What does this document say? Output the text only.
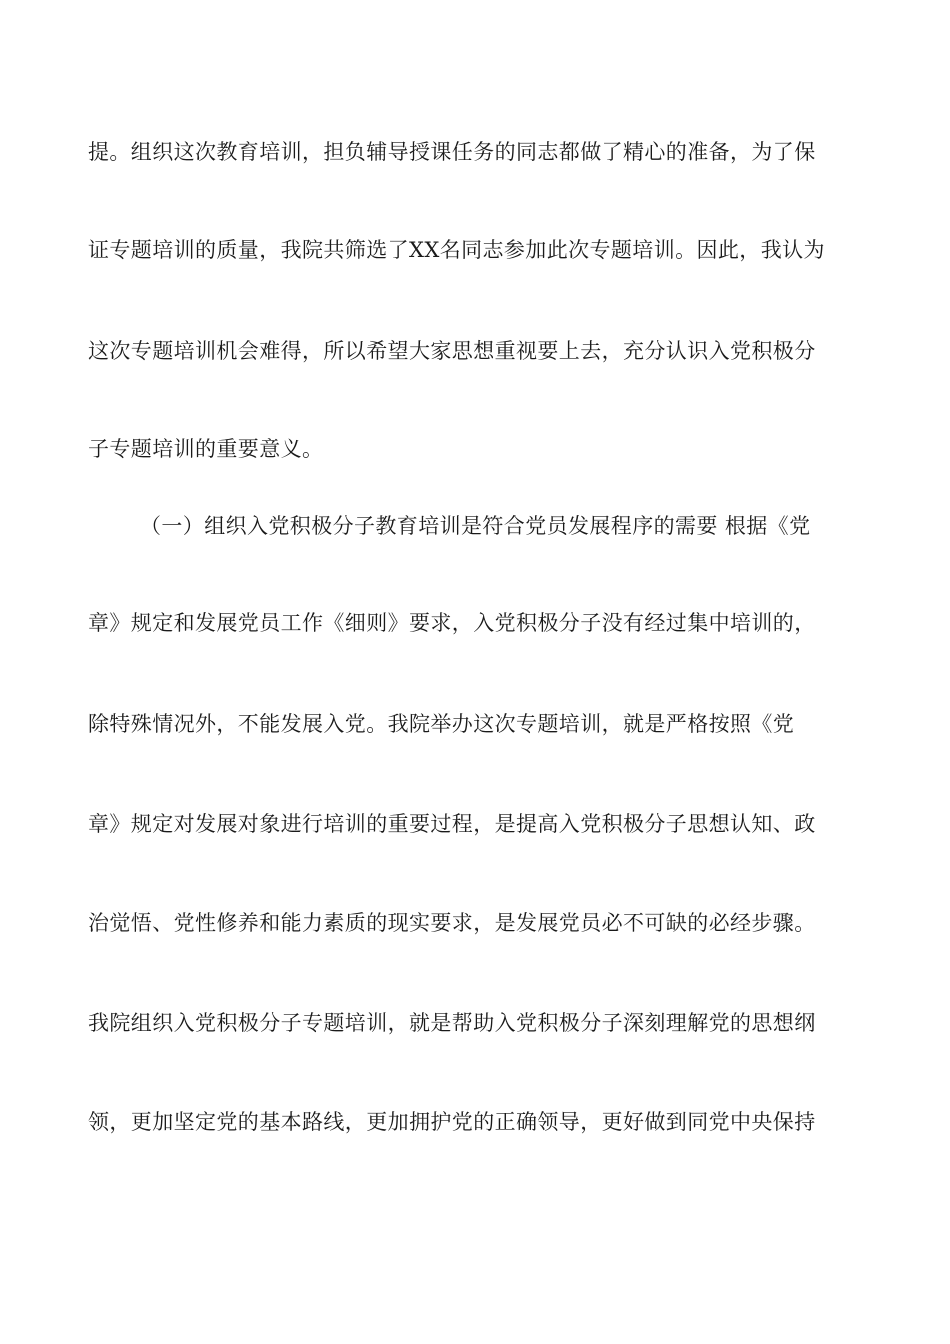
提。组织这次教育培训，担负辅导授课任务的同志都做了精心的准备，为了保
证专题培训的质量，我院共筛选了XX名同志参加此次专题培训。因此，我认为
这次专题培训机会难得，所以希望大家思想重视要上去，充分认识入党积极分
子专题培训的重要意义。
（一）组织入党积极分子教育培训是符合党员发展程序的需要 根据《党
章》规定和发展党员工作《细则》要求，入党积极分子没有经过集中培训的，
除特殊情况外，不能发展入党。我院举办这次专题培训，就是严格按照《党
章》规定对发展对象进行培训的重要过程，是提高入党积极分子思想认知、政
治觉悟、党性修养和能力素质的现实要求，是发展党员必不可缺的必经步骤。
我院组织入党积极分子专题培训，就是帮助入党积极分子深刻理解党的思想纲
领，更加坚定党的基本路线，更加拥护党的正确领导，更好做到同党中央保持
